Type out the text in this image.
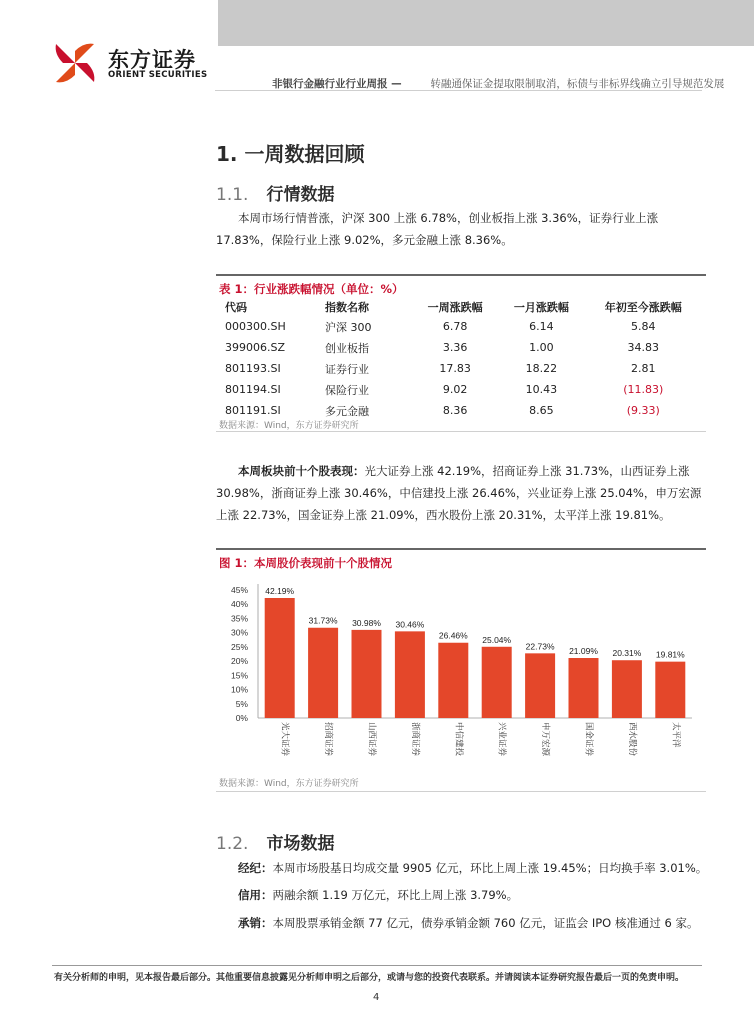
东方证券
ORIENT SECURITIES
非银行金融行业行业周报 —	转融通保证金提取限制取消，标债与非标界线确立引导规范发展
1. 一周数据回顾
1.1. 行情数据
本周市场行情普涨，沪深 300 上涨 6.78%，创业板指上涨 3.36%，证券行业上涨 17.83%，保险行业上涨 9.02%，多元金融上涨 8.36%。
表 1：行业涨跌幅情况（单位：%）
代码	指数名称	一周涨跌幅	一月涨跌幅	年初至今涨跌幅
000300.SH	沪深 300	6.78	6.14	5.84
399006.SZ	创业板指	3.36	1.00	34.83
801193.SI	证券行业	17.83	18.22	2.81
801194.SI	保险行业	9.02	10.43	(11.83)
801191.SI	多元金融	8.36	8.65	(9.33)
数据来源：Wind，东方证券研究所
本周板块前十个股表现：光大证券上涨 42.19%，招商证券上涨 31.73%，山西证券上涨 30.98%，浙商证券上涨 30.46%，中信建投上涨 26.46%，兴业证券上涨 25.04%，申万宏源上涨 22.73%，国金证券上涨 21.09%，西水股份上涨 20.31%，太平洋上涨 19.81%。
图 1：本周股价表现前十个股情况
0%
5%
10%
15%
20%
25%
30%
35%
40%
45% 42.19%
光大证券
31.73%
招商证券
30.98%
山西证券
30.46%
浙商证券
26.46%
中信建投
25.04%
兴业证券
22.73%
申万宏源
21.09%
国金证券
20.31%
西水股份
19.81%
太平洋
数据来源：Wind，东方证券研究所
1.2. 市场数据
经纪：本周市场股基日均成交量 9905 亿元，环比上周上涨 19.45%；日均换手率 3.01%。
信用：两融余额 1.19 万亿元，环比上周上涨 3.79%。
承销：本周股票承销金额 77 亿元，债券承销金额 760 亿元，证监会 IPO 核准通过 6 家。
有关分析师的申明，见本报告最后部分。其他重要信息披露见分析师申明之后部分，或请与您的投资代表联系。并请阅读本证券研究报告最后一页的免责申明。
4
